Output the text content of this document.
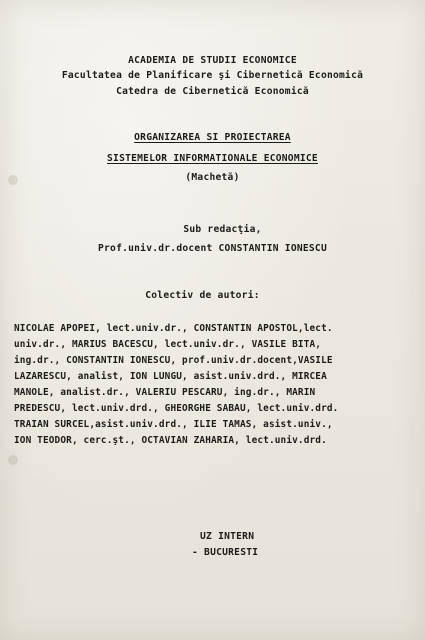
ACADEMIA DE STUDII ECONOMICE
Facultatea de Planificare şi Cibernetică Economică
Catedra de Cibernetică Economică
ORGANIZAREA SI PROIECTAREA
SISTEMELOR INFORMATIONALE ECONOMICE
(Machetă)
Sub redacţia,
Prof.univ.dr.docent CONSTANTIN IONESCU
Colectiv de autori:
NICOLAE APOPEI, lect.univ.dr., CONSTANTIN APOSTOL,lect.
univ.dr., MARIUS BACESCU, lect.univ.dr., VASILE BITA,
ing.dr., CONSTANTIN IONESCU, prof.univ.dr.docent,VASILE
LAZARESCU, analist, ION LUNGU, asist.univ.drd., MIRCEA
MANOLE, analist.dr., VALERIU PESCARU, ing.dr., MARIN
PREDESCU, lect.univ.drd., GHEORGHE SABAU, lect.univ.drd.
TRAIAN SURCEL,asist.univ.drd., ILIE TAMAS, asist.univ.,
ION TEODOR, cerc.şt., OCTAVIAN ZAHARIA, lect.univ.drd.
UZ INTERN
- BUCURESTI
